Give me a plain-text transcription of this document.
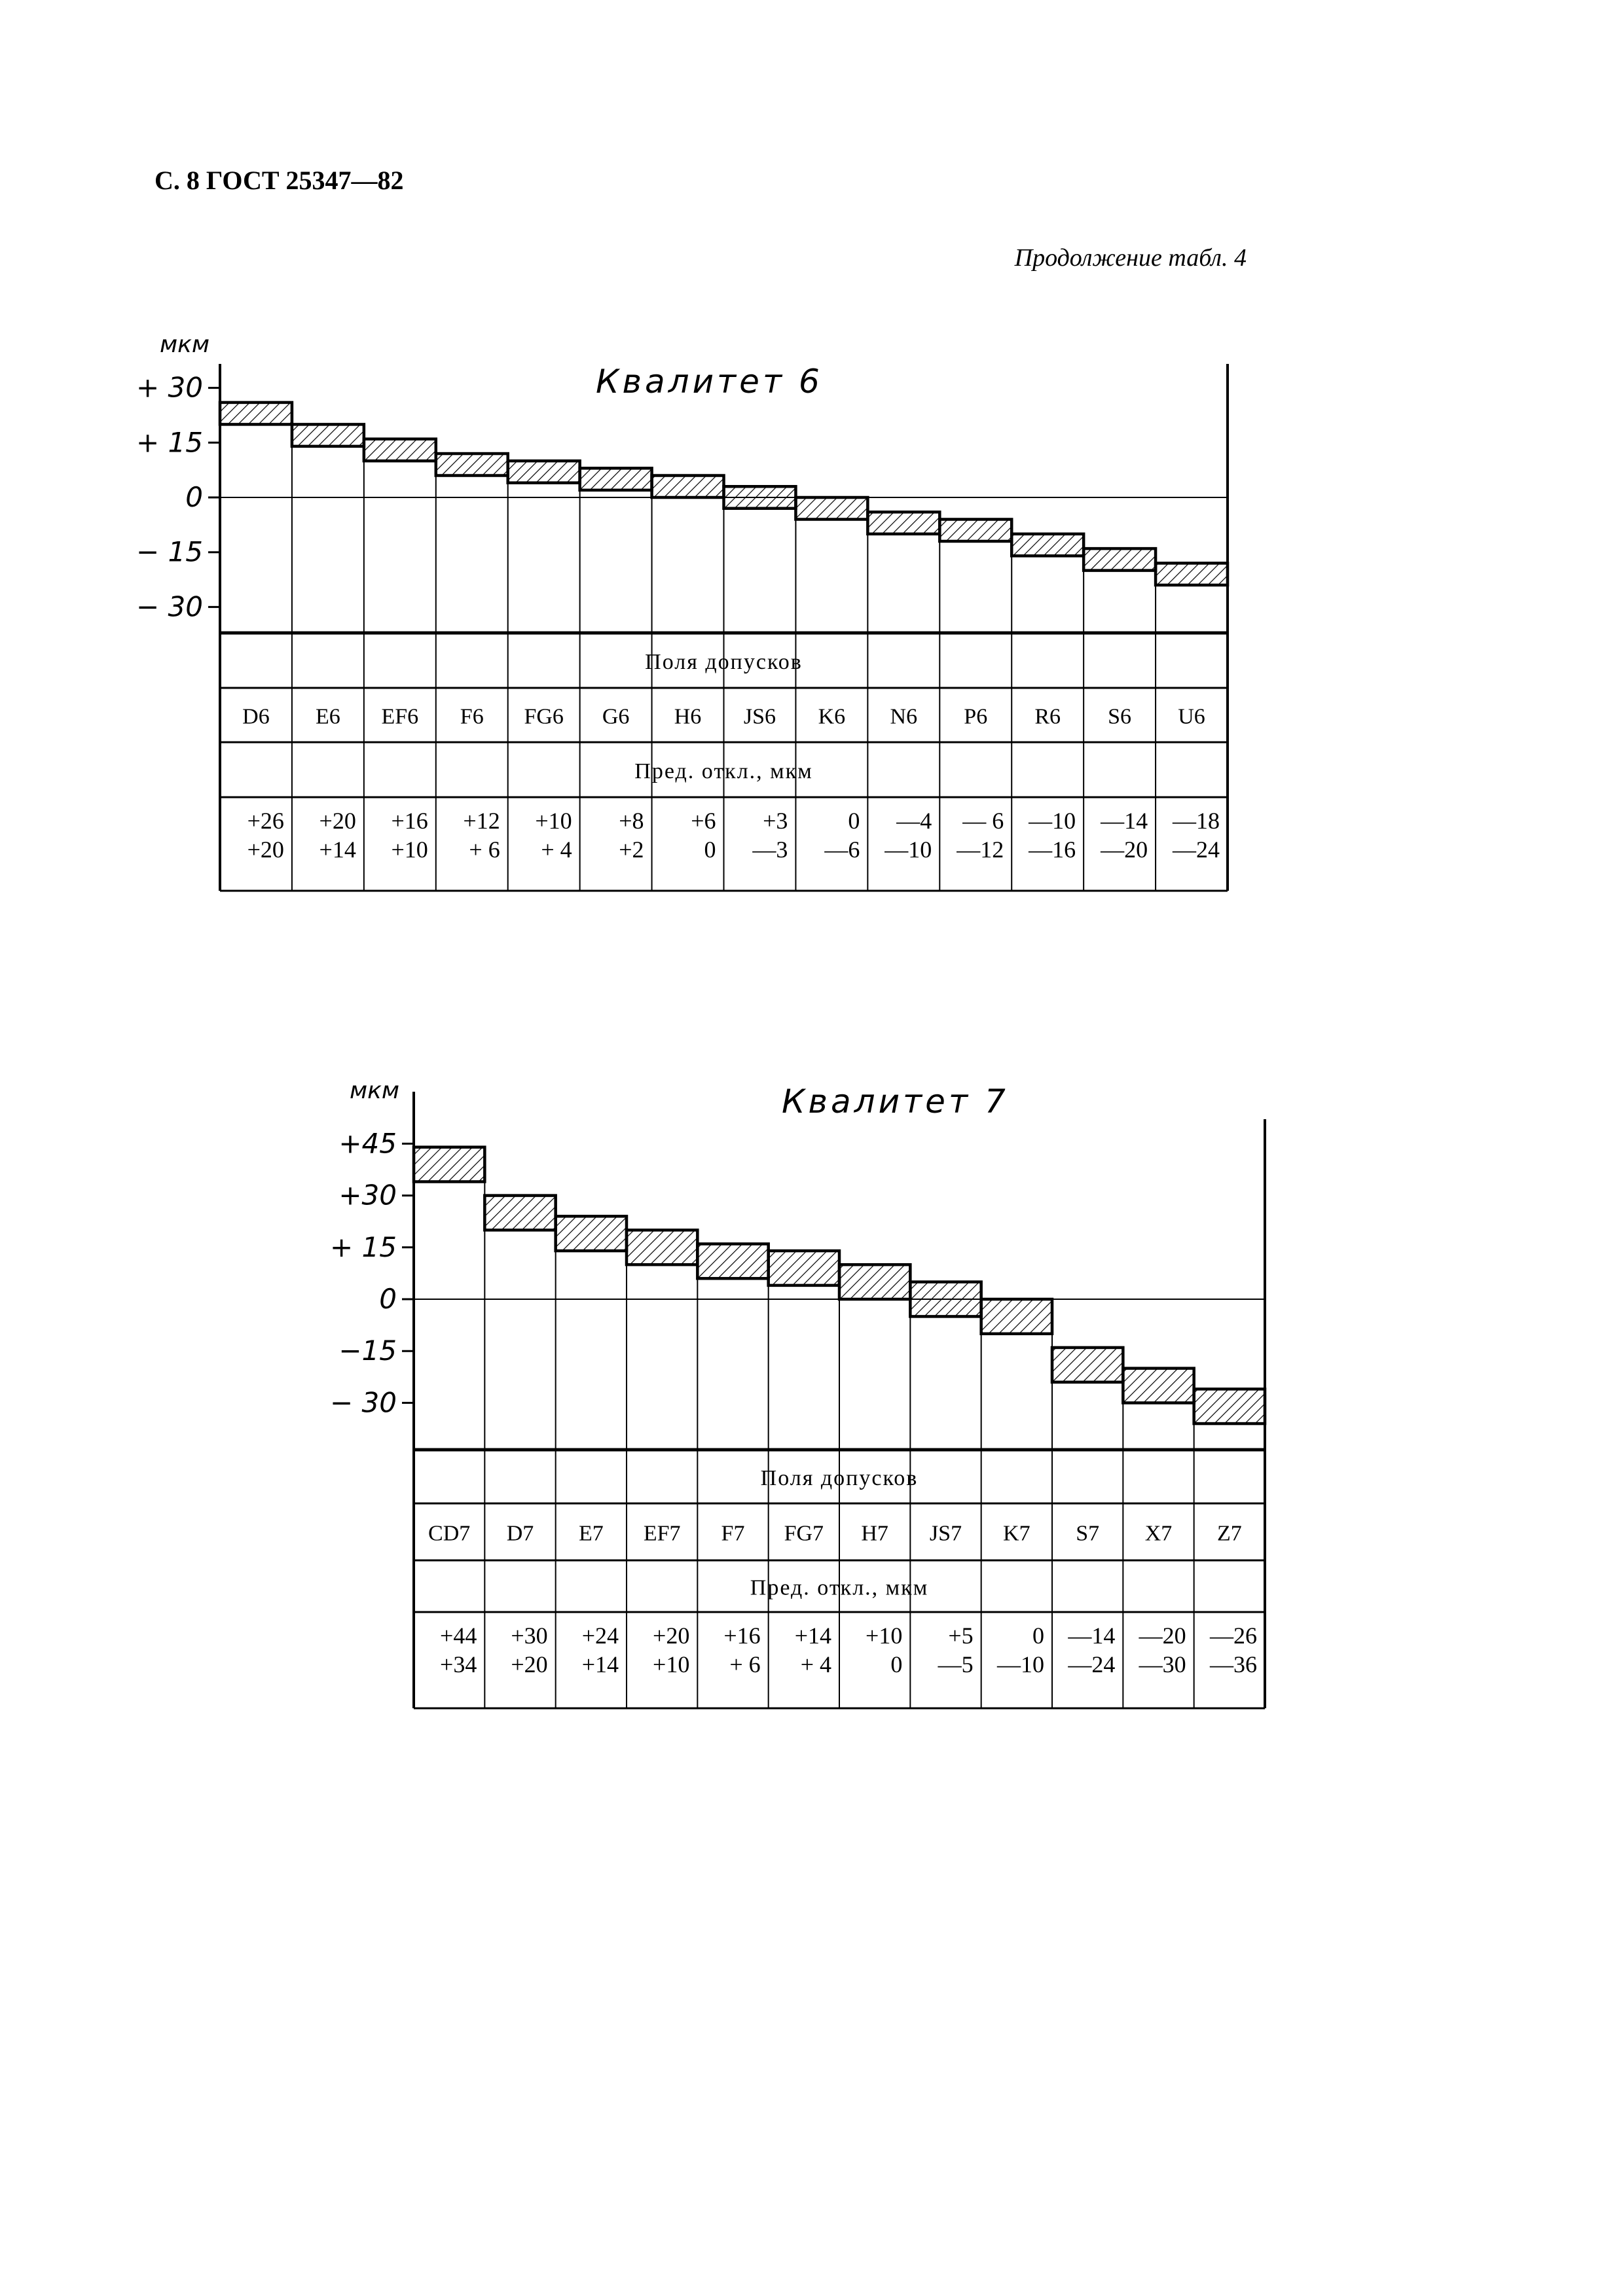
С. 8 ГОСТ 25347—82
Продолжение табл. 4
мкм
Квалитет 6
+ 30
+ 15
0
− 15
− 30
Поля допусков
Пред. откл., мкм
D6
+26
+20
E6
+20
+14
EF6
+16
+10
F6
+12
+ 6
FG6
+10
+ 4
G6
+8
+2
H6
+6
0
JS6
+3
—3
K6
0
—6
N6
—4
—10
P6
— 6
—12
R6
—10
—16
S6
—14
—20
U6
—18
—24
мкм	Квалитет 7
+45
+30
+ 15
0
−15
− 30
Поля допусков
Пред. откл., мкм
CD7
+44
+34
D7
+30
+20
E7
+24
+14
EF7
+20
+10
F7
+16
+ 6
FG7
+14
+ 4
H7
+10
0
JS7
+5
—5
K7
0
—10
S7
—14
—24
X7
—20
—30
Z7
—26
—36
